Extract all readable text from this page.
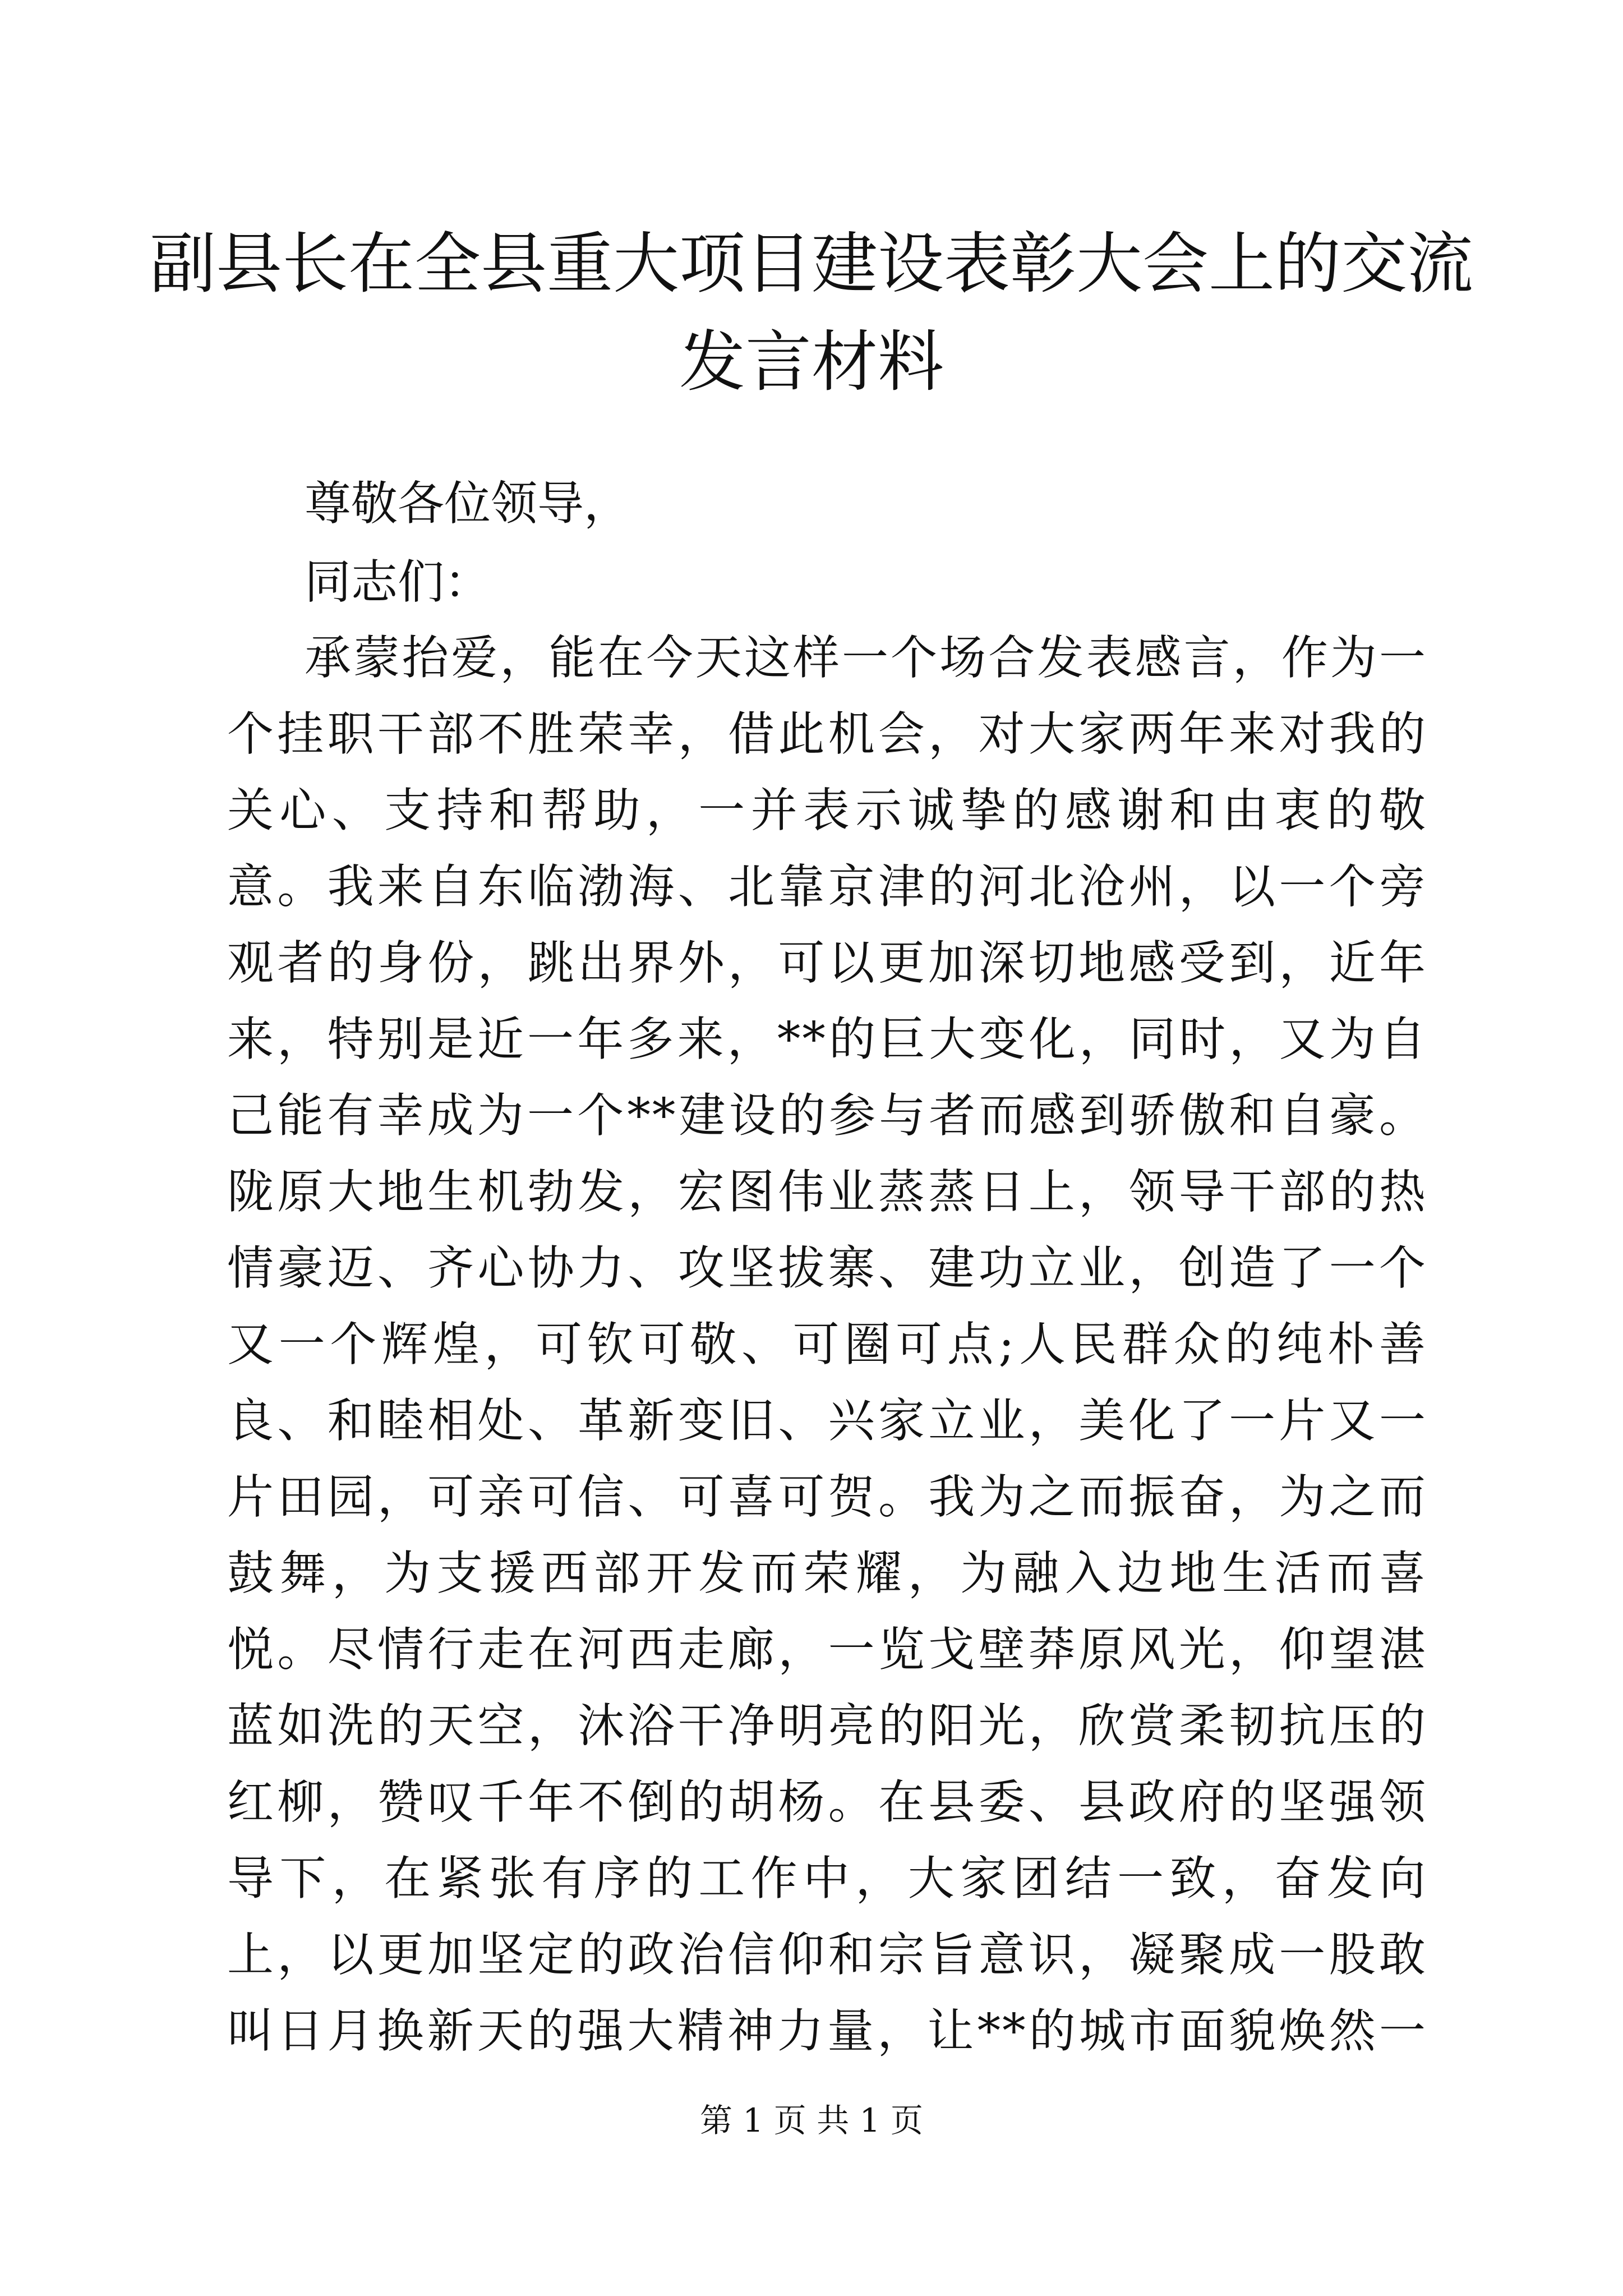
副县长在全县重大项目建设表彰大会上的交流
发言材料

尊敬各位领导，

同志们：

承蒙抬爱，能在今天这样一个场合发表感言，作为一个挂职干部不胜荣幸，借此机会，对大家两年来对我的关心、支持和帮助，一并表示诚挚的感谢和由衷的敬意。我来自东临渤海、北靠京津的河北沧州，以一个旁观者的身份，跳出界外，可以更加深切地感受到，近年来，特别是近一年多来，**的巨大变化，同时，又为自己能有幸成为一个**建设的参与者而感到骄傲和自豪。陇原大地生机勃发，宏图伟业蒸蒸日上，领导干部的热情豪迈、齐心协力、攻坚拔寨、建功立业，创造了一个又一个辉煌，可钦可敬、可圈可点;人民群众的纯朴善良、和睦相处、革新变旧、兴家立业，美化了一片又一片田园，可亲可信、可喜可贺。我为之而振奋，为之而鼓舞，为支援西部开发而荣耀，为融入边地生活而喜悦。尽情行走在河西走廊，一览戈壁莽原风光，仰望湛蓝如洗的天空，沐浴干净明亮的阳光，欣赏柔韧抗压的红柳，赞叹千年不倒的胡杨。在县委、县政府的坚强领导下，在紧张有序的工作中，大家团结一致，奋发向上，以更加坚定的政治信仰和宗旨意识，凝聚成一股敢叫日月换新天的强大精神力量，让**的城市面貌焕然一

第 1 页 共 1 页
